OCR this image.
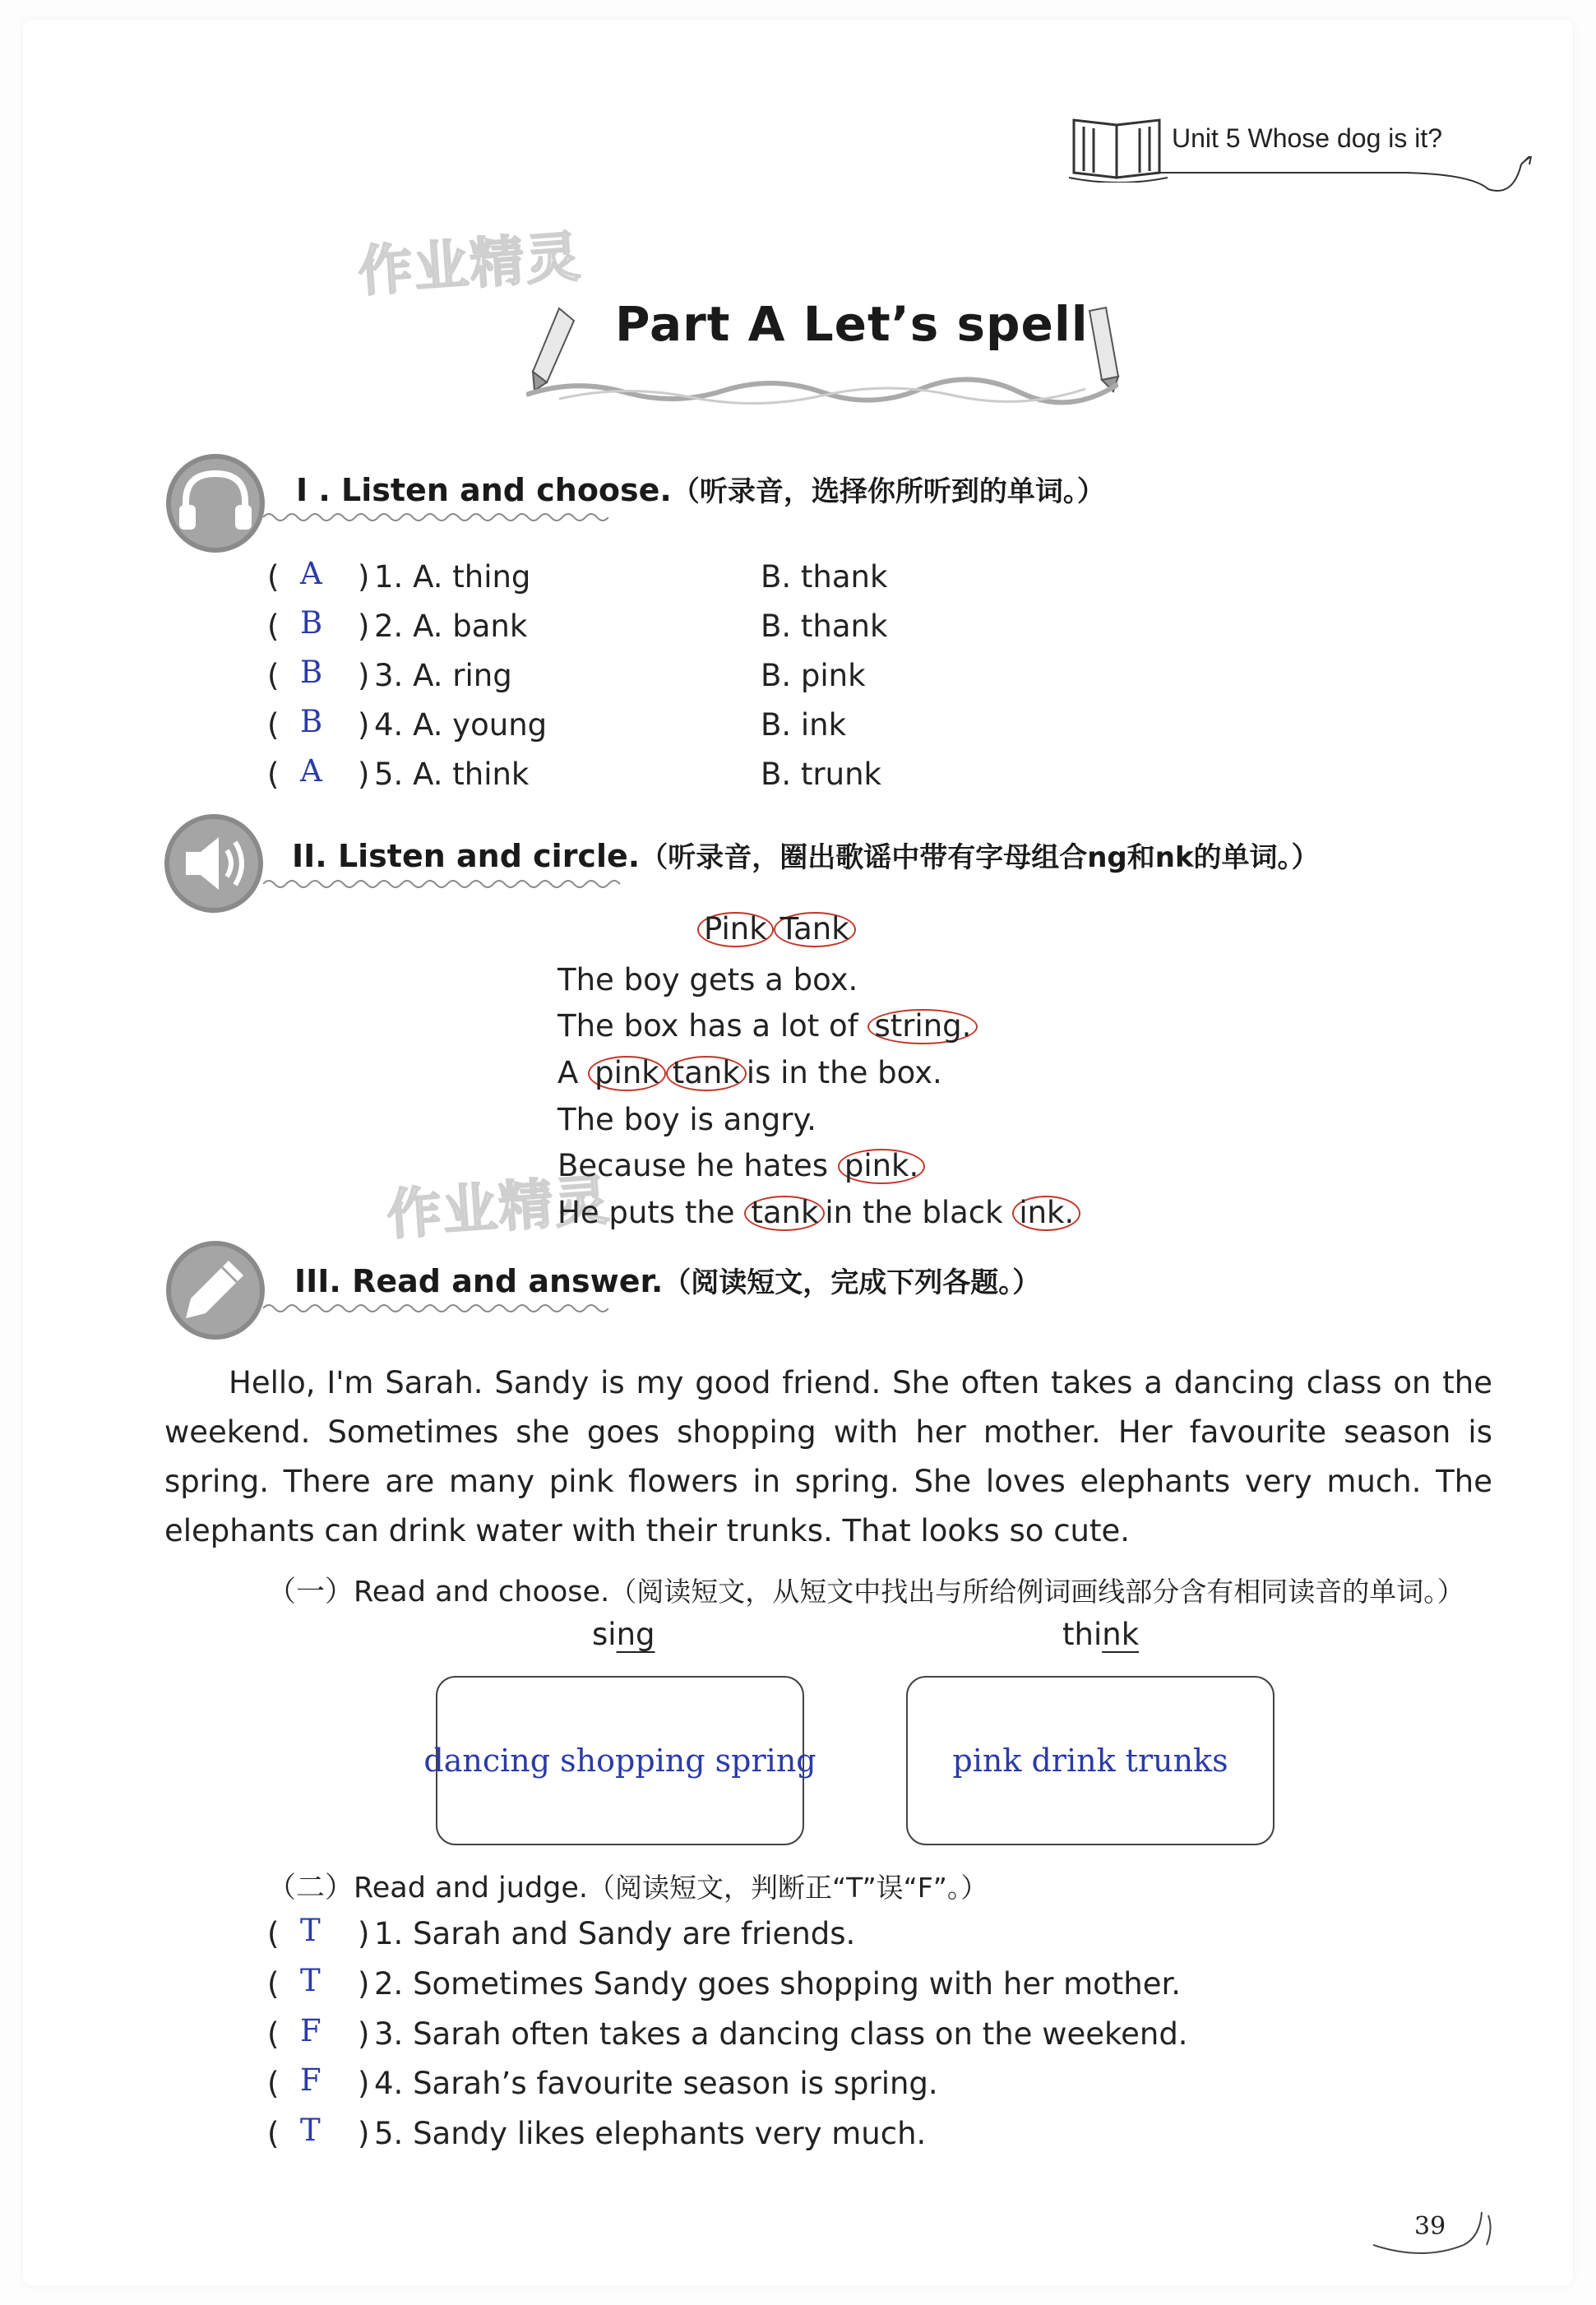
Unit 5 Whose dog is it?
作业精灵
作业精灵
Part A Let’s spell
I . Listen and choose.（听录音，选择你所听到的单词。）
( A ) 1. A. thing	B. thank
( B ) 2. A. bank	B. thank
( B ) 3. A. ring	B. pink
( B ) 4. A. young	B. ink
( A ) 5. A. think	B. trunk
II. Listen and circle.（听录音，圈出歌谣中带有字母组合ng和nk的单词。）
Pink Tank
The boy gets a box.
The box has a lot of string.
A pink tank is in the box.
The boy is angry.
Because he hates pink.
He puts the tank in the black ink.
III. Read and answer.（阅读短文，完成下列各题。）
Hello, I'm Sarah. Sandy is my good friend. She often takes a dancing class on the weekend. Sometimes she goes shopping with her mother. Her favourite season is spring. There are many pink flowers in spring. She loves elephants very much. The elephants can drink water with their trunks. That looks so cute.
（一）Read and choose.（阅读短文，从短文中找出与所给例词画线部分含有相同读音的单词。）
sing	think
dancing shopping spring	pink drink trunks
（二）Read and judge.（阅读短文，判断正“T”误“F”。）
( T ) 1. Sarah and Sandy are friends.
( T ) 2. Sometimes Sandy goes shopping with her mother.
( F ) 3. Sarah often takes a dancing class on the weekend.
( F ) 4. Sarah’s favourite season is spring.
( T ) 5. Sandy likes elephants very much.
39
